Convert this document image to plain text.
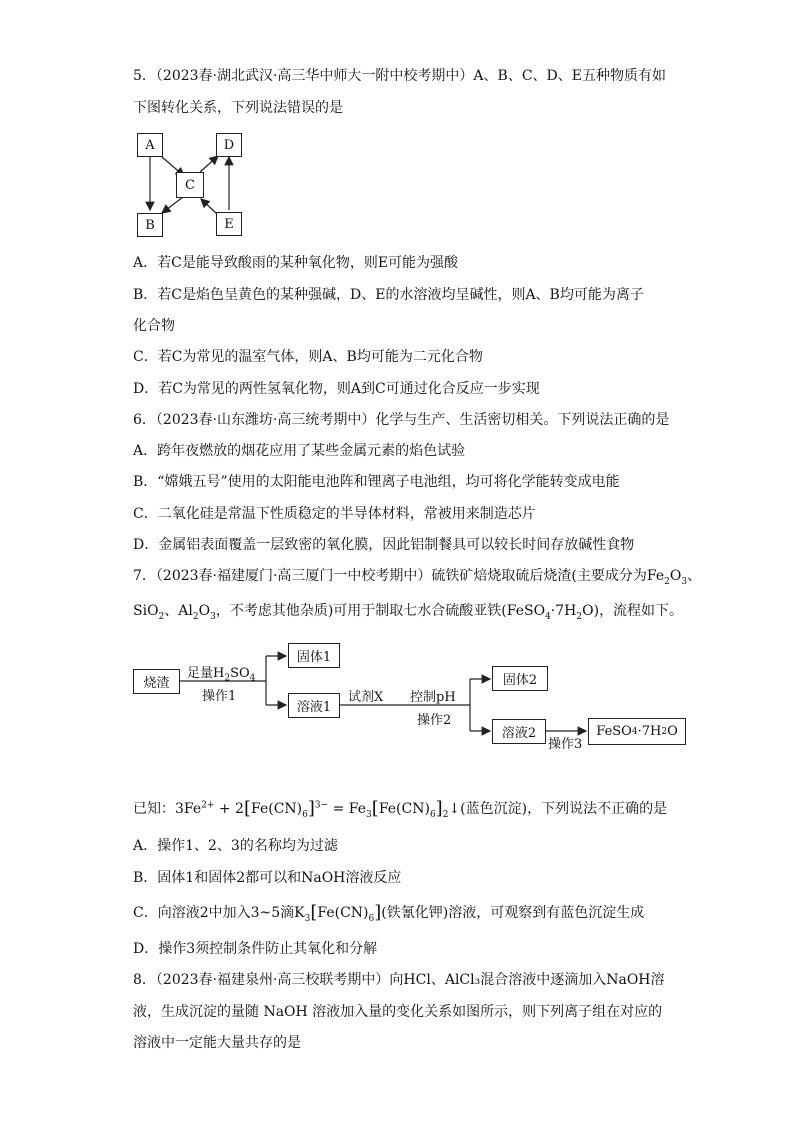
5．（2023春·湖北武汉·高三华中师大一附中校考期中）A、B、C、D、E五种物质有如
下图转化关系，下列说法错误的是
A	D
C
B	E
A．若C是能导致酸雨的某种氧化物，则E可能为强酸
B．若C是焰色呈黄色的某种强碱，D、E的水溶液均呈碱性，则A、B均可能为离子
化合物
C．若C为常见的温室气体，则A、B均可能为二元化合物
D．若C为常见的两性氢氧化物，则A到C可通过化合反应一步实现
6．（2023春·山东潍坊·高三统考期中）化学与生产、生活密切相关。下列说法正确的是
A．跨年夜燃放的烟花应用了某些金属元素的焰色试验
B．“嫦娥五号”使用的太阳能电池阵和锂离子电池组，均可将化学能转变成电能
C．二氧化硅是常温下性质稳定的半导体材料，常被用来制造芯片
D．金属铝表面覆盖一层致密的氧化膜，因此铝制餐具可以较长时间存放碱性食物
7．（2023春·福建厦门·高三厦门一中校考期中）硫铁矿焙烧取硫后烧渣(主要成分为$Fe_2O_3$、
SiO$_2$、$Al_2O_3$，不考虑其他杂质)可用于制取七水合硫酸亚铁$(FeSO_4\cdot 7H_2O)$，流程如下。
烧渣
足量$H_2SO_4$
操作1
固体1
溶液1
试剂X 控制pH
操作2
固体2
溶液2
操作3
FeSO 4 ·7H 2 O
已知：$3Fe^{2+} + 2[Fe(CN)_6]^{3-}$ = $Fe_3[Fe(CN)_6]_2↓$(蓝色沉淀)，下列说法不正确的是
A．操作1、2、3的名称均为过滤
B．固体1和固体2都可以和NaOH溶液反应
C．向溶液2中加入3~5滴$K_3[Fe(CN)_6]$(铁氰化钾)溶液，可观察到有蓝色沉淀生成
D．操作3须控制条件防止其氧化和分解
8．（2023春·福建泉州·高三校联考期中）向HCl、AlCl₃混合溶液中逐滴加入NaOH溶
液，生成沉淀的量随 NaOH 溶液加入量的变化关系如图所示，则下列离子组在对应的
溶液中一定能大量共存的是
